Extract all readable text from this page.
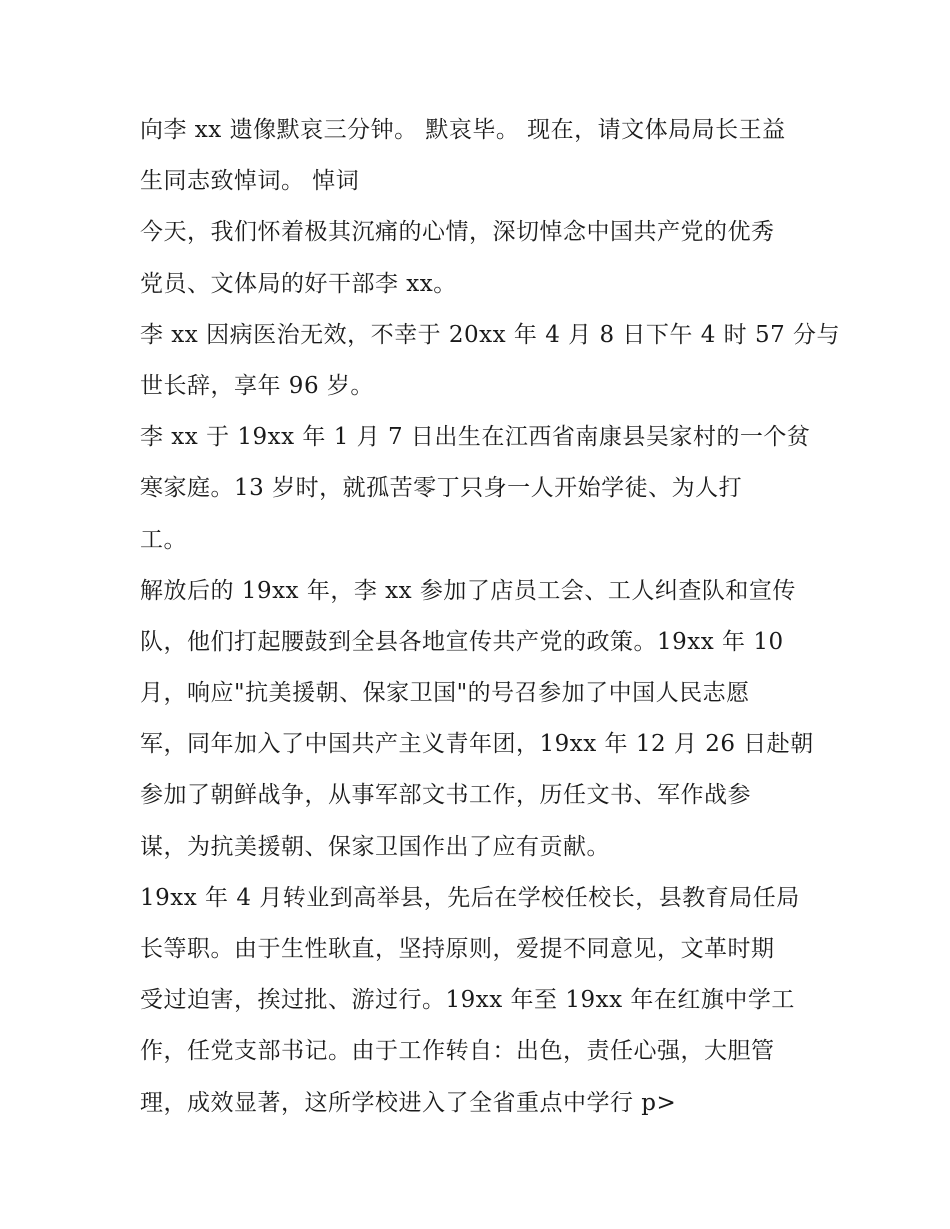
向李 xx 遗像默哀三分钟。 默哀毕。 现在，请文体局局长王益
生同志致悼词。 悼词
今天，我们怀着极其沉痛的心情，深切悼念中国共产党的优秀
党员、文体局的好干部李 xx。
李 xx 因病医治无效，不幸于 20xx 年 4 月 8 日下午 4 时 57 分与
世长辞，享年 96 岁。
李 xx 于 19xx 年 1 月 7 日出生在江西省南康县吴家村的一个贫
寒家庭。13 岁时，就孤苦零丁只身一人开始学徒、为人打
工。
解放后的 19xx 年，李 xx 参加了店员工会、工人纠查队和宣传
队，他们打起腰鼓到全县各地宣传共产党的政策。19xx 年 10
月，响应"抗美援朝、保家卫国"的号召参加了中国人民志愿
军，同年加入了中国共产主义青年团，19xx 年 12 月 26 日赴朝
参加了朝鲜战争，从事军部文书工作，历任文书、军作战参
谋，为抗美援朝、保家卫国作出了应有贡献。
19xx 年 4 月转业到高举县，先后在学校任校长，县教育局任局
长等职。由于生性耿直，坚持原则，爱提不同意见，文革时期
受过迫害，挨过批、游过行。19xx 年至 19xx 年在红旗中学工
作，任党支部书记。由于工作转自：出色，责任心强，大胆管
理，成效显著，这所学校进入了全省重点中学行 p>
